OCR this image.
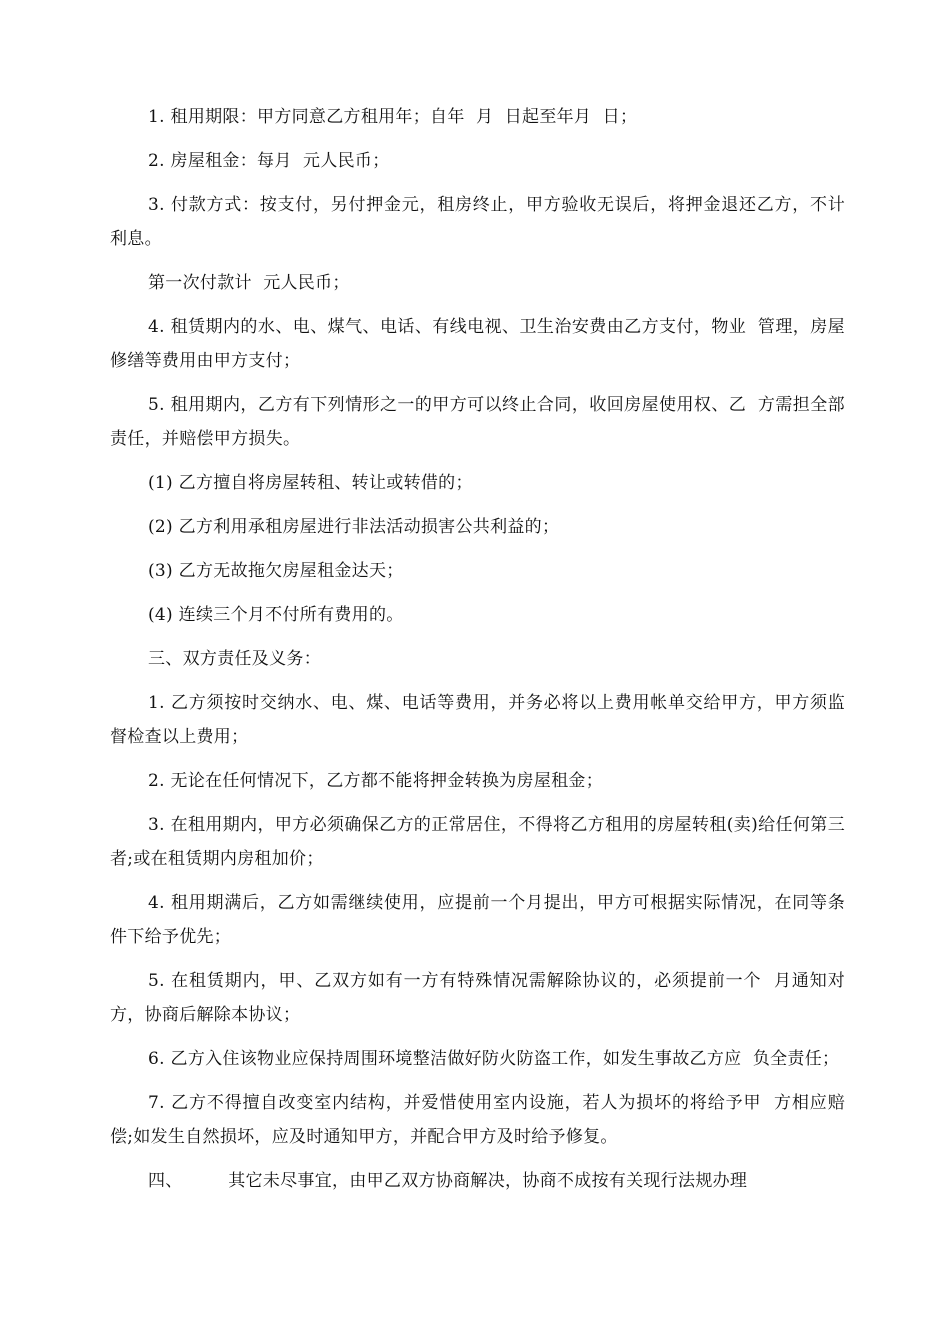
1. 租用期限：甲方同意乙方租用年；自年  月  日起至年月  日；

2. 房屋租金：每月  元人民币；

3. 付款方式：按支付，另付押金元，租房终止，甲方验收无误后，将押金退还乙方，不计利息。

第一次付款计  元人民币；

4. 租赁期内的水、电、煤气、电话、有线电视、卫生治安费由乙方支付，物业  管理，房屋修缮等费用由甲方支付；

5. 租用期内，乙方有下列情形之一的甲方可以终止合同，收回房屋使用权、乙  方需担全部责任，并赔偿甲方损失。

(1) 乙方擅自将房屋转租、转让或转借的；

(2) 乙方利用承租房屋进行非法活动损害公共利益的；

(3) 乙方无故拖欠房屋租金达天；

(4) 连续三个月不付所有费用的。

三、双方责任及义务：

1. 乙方须按时交纳水、电、煤、电话等费用，并务必将以上费用帐单交给甲方，甲方须监督检查以上费用；

2. 无论在任何情况下，乙方都不能将押金转换为房屋租金；

3. 在租用期内，甲方必须确保乙方的正常居住，不得将乙方租用的房屋转租(卖)给任何第三者;或在租赁期内房租加价；

4. 租用期满后，乙方如需继续使用，应提前一个月提出，甲方可根据实际情况，在同等条件下给予优先；

5. 在租赁期内，甲、乙双方如有一方有特殊情况需解除协议的，必须提前一个  月通知对方，协商后解除本协议；

6. 乙方入住该物业应保持周围环境整洁做好防火防盗工作，如发生事故乙方应  负全责任；

7. 乙方不得擅自改变室内结构，并爱惜使用室内设施，若人为损坏的将给予甲  方相应赔偿;如发生自然损坏，应及时通知甲方，并配合甲方及时给予修复。

四、        其它未尽事宜，由甲乙双方协商解决，协商不成按有关现行法规办理
